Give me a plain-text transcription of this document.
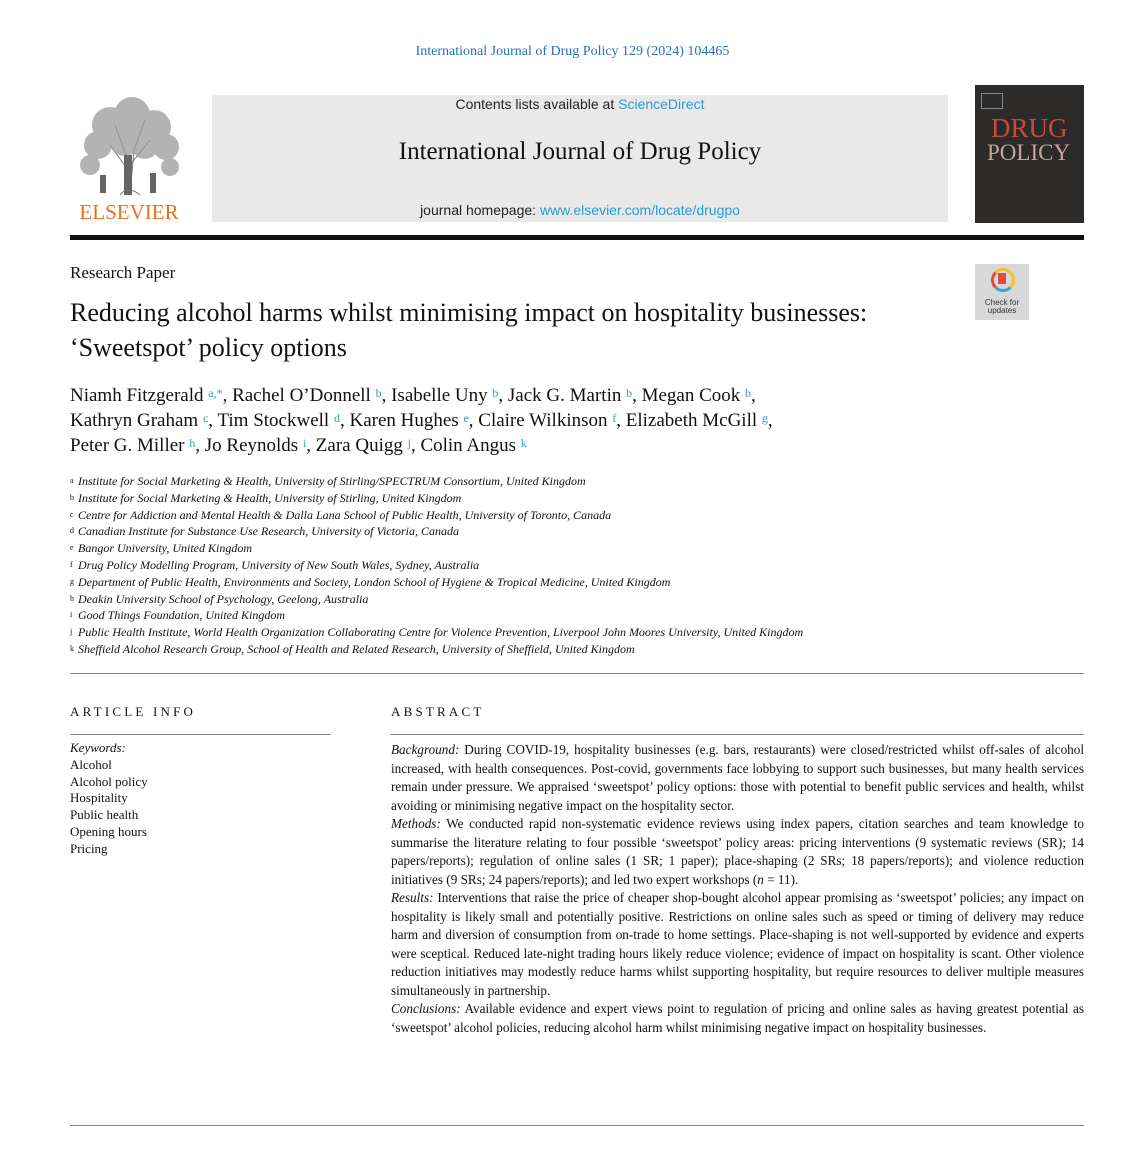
International Journal of Drug Policy 129 (2024) 104465
ELSEVIER
Contents lists available at ScienceDirect
International Journal of Drug Policy
journal homepage: www.elsevier.com/locate/drugpo
DRUG
POLICY
Research Paper
Check for updates
Reducing alcohol harms whilst minimising impact on hospitality businesses: ‘Sweetspot’ policy options
Niamh Fitzgerald $^{a,*}$, Rachel O’Donnell $^b$, Isabelle Uny $^b$, Jack G. Martin $^b$, Megan Cook $^b$,
Kathryn Graham $^c$, Tim Stockwell $^d$, Karen Hughes $^e$, Claire Wilkinson $^f$, Elizabeth McGill $^g$,
Peter G. Miller $^h$, Jo Reynolds $^i$, Zara Quigg $^j$, Colin Angus $^k$
a Institute for Social Marketing & Health, University of Stirling/SPECTRUM Consortium, United Kingdom
b Institute for Social Marketing & Health, University of Stirling, United Kingdom
c Centre for Addiction and Mental Health & Dalla Lana School of Public Health, University of Toronto, Canada
d Canadian Institute for Substance Use Research, University of Victoria, Canada
e Bangor University, United Kingdom
f Drug Policy Modelling Program, University of New South Wales, Sydney, Australia
g Department of Public Health, Environments and Society, London School of Hygiene & Tropical Medicine, United Kingdom
h Deakin University School of Psychology, Geelong, Australia
i Good Things Foundation, United Kingdom
j Public Health Institute, World Health Organization Collaborating Centre for Violence Prevention, Liverpool John Moores University, United Kingdom
k Sheffield Alcohol Research Group, School of Health and Related Research, University of Sheffield, United Kingdom
ARTICLE INFO	ABSTRACT
Keywords:
Alcohol
Alcohol policy
Hospitality
Public health
Opening hours
Pricing

Background: During COVID-19, hospitality businesses (e.g. bars, restaurants) were closed/restricted whilst off-sales of alcohol increased, with health consequences. Post-covid, governments face lobbying to support such businesses, but many health services remain under pressure. We appraised ‘sweetspot’ policy options: those with potential to benefit public services and health, whilst avoiding or minimising negative impact on the hospitality sector.

Methods: We conducted rapid non-systematic evidence reviews using index papers, citation searches and team knowledge to summarise the literature relating to four possible ‘sweetspot’ policy areas: pricing interventions (9 systematic reviews (SR); 14 papers/reports); regulation of online sales (1 SR; 1 paper); place-shaping (2 SRs; 18 papers/reports); and violence reduction initiatives (9 SRs; 24 papers/reports); and led two expert workshops (n = 11).

Results: Interventions that raise the price of cheaper shop-bought alcohol appear promising as ‘sweetspot’ policies; any impact on hospitality is likely small and potentially positive. Restrictions on online sales such as speed or timing of delivery may reduce harm and diversion of consumption from on-trade to home settings. Place-shaping is not well-supported by evidence and experts were sceptical. Reduced late-night trading hours likely reduce violence; evidence of impact on hospitality is scant. Other violence reduction initiatives may modestly reduce harms whilst supporting hospitality, but require resources to deliver multiple measures simultaneously in partnership.

Conclusions: Available evidence and expert views point to regulation of pricing and online sales as having greatest potential as ‘sweetspot’ alcohol policies, reducing alcohol harm whilst minimising negative impact on hospitality businesses.
